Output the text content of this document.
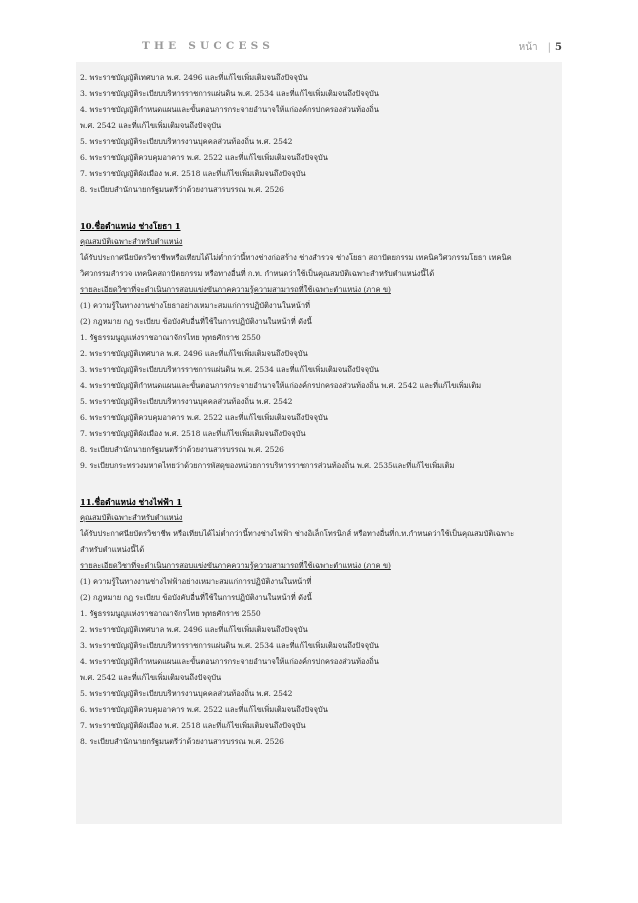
THE SUCCESS	หน้า | 5
2. พระราชบัญญัติเทศบาล พ.ศ. 2496 และที่แก้ไขเพิ่มเติมจนถึงปัจจุบัน
3. พระราชบัญญัติระเบียบบริหารราชการแผ่นดิน พ.ศ. 2534 และที่แก้ไขเพิ่มเติมจนถึงปัจจุบัน
4. พระราชบัญญัติกำหนดแผนและขั้นตอนการกระจายอำนาจให้แก่องค์กรปกครองส่วนท้องถิ่น
พ.ศ. 2542 และที่แก้ไขเพิ่มเติมจนถึงปัจจุบัน
5. พระราชบัญญัติระเบียบบริหารงานบุคคลส่วนท้องถิ่น พ.ศ. 2542
6. พระราชบัญญัติควบคุมอาคาร พ.ศ. 2522 และที่แก้ไขเพิ่มเติมจนถึงปัจจุบัน
7. พระราชบัญญัติผังเมือง พ.ศ. 2518 และที่แก้ไขเพิ่มเติมจนถึงปัจจุบัน
8. ระเบียบสำนักนายกรัฐมนตรีว่าด้วยงานสารบรรณ พ.ศ. 2526
10.ชื่อตำแหน่ง ช่างโยธา 1
คุณสมบัติเฉพาะสำหรับตำแหน่ง
ได้รับประกาศนียบัตรวิชาชีพหรือเทียบได้ไม่ต่ำกว่านี้ทางช่างก่อสร้าง ช่างสำรวจ ช่างโยธา สถาปัตยกรรม เทคนิควิศวกรรมโยธา เทคนิค
วิศวกรรมสำรวจ เทคนิคสถาปัตยกรรม หรือทางอื่นที่ ก.ท. กำหนดว่าใช้เป็นคุณสมบัติเฉพาะสำหรับตำแหน่งนี้ได้
รายละเอียดวิชาที่จะดำเนินการสอบแข่งขันภาคความรู้ความสามารถที่ใช้เฉพาะตำแหน่ง (ภาค ข)
(1) ความรู้ในทางงานช่างโยธาอย่างเหมาะสมแก่การปฏิบัติงานในหน้าที่
(2) กฎหมาย กฎ ระเบียบ ข้อบังคับอื่นที่ใช้ในการปฏิบัติงานในหน้าที่ ดังนี้
1. รัฐธรรมนูญแห่งราชอาณาจักรไทย พุทธศักราช 2550
2. พระราชบัญญัติเทศบาล พ.ศ. 2496 และที่แก้ไขเพิ่มเติมจนถึงปัจจุบัน
3. พระราชบัญญัติระเบียบบริหารราชการแผ่นดิน พ.ศ. 2534 และที่แก้ไขเพิ่มเติมจนถึงปัจจุบัน
4. พระราชบัญญัติกำหนดแผนและขั้นตอนการกระจายอำนาจให้แก่องค์กรปกครองส่วนท้องถิ่น พ.ศ. 2542 และที่แก้ไขเพิ่มเติม
5. พระราชบัญญัติระเบียบบริหารงานบุคคลส่วนท้องถิ่น พ.ศ. 2542
6. พระราชบัญญัติควบคุมอาคาร พ.ศ. 2522 และที่แก้ไขเพิ่มเติมจนถึงปัจจุบัน
7. พระราชบัญญัติผังเมือง พ.ศ. 2518 และที่แก้ไขเพิ่มเติมจนถึงปัจจุบัน
8. ระเบียบสำนักนายกรัฐมนตรีว่าด้วยงานสารบรรณ พ.ศ. 2526
9. ระเบียบกระทรวงมหาดไทยว่าด้วยการพัสดุของหน่วยการบริหารราชการส่วนท้องถิ่น พ.ศ. 2535และที่แก้ไขเพิ่มเติม
11.ชื่อตำแหน่ง ช่างไฟฟ้า 1
คุณสมบัติเฉพาะสำหรับตำแหน่ง
ได้รับประกาศนียบัตรวิชาชีพ หรือเทียบได้ไม่ต่ำกว่านี้ทางช่างไฟฟ้า ช่างอิเล็กโทรนิกส์ หรือทางอื่นที่ก.ท.กำหนดว่าใช้เป็นคุณสมบัติเฉพาะ
สำหรับตำแหน่งนี้ได้
รายละเอียดวิชาที่จะดำเนินการสอบแข่งขันภาคความรู้ความสามารถที่ใช้เฉพาะตำแหน่ง (ภาค ข)
(1) ความรู้ในทางงานช่างไฟฟ้าอย่างเหมาะสมแก่การปฏิบัติงานในหน้าที่
(2) กฎหมาย กฎ ระเบียบ ข้อบังคับอื่นที่ใช้ในการปฏิบัติงานในหน้าที่ ดังนี้
1. รัฐธรรมนูญแห่งราชอาณาจักรไทย พุทธศักราช 2550
2. พระราชบัญญัติเทศบาล พ.ศ. 2496 และที่แก้ไขเพิ่มเติมจนถึงปัจจุบัน
3. พระราชบัญญัติระเบียบบริหารราชการแผ่นดิน พ.ศ. 2534 และที่แก้ไขเพิ่มเติมจนถึงปัจจุบัน
4. พระราชบัญญัติกำหนดแผนและขั้นตอนการกระจายอำนาจให้แก่องค์กรปกครองส่วนท้องถิ่น
พ.ศ. 2542 และที่แก้ไขเพิ่มเติมจนถึงปัจจุบัน
5. พระราชบัญญัติระเบียบบริหารงานบุคคลส่วนท้องถิ่น พ.ศ. 2542
6. พระราชบัญญัติควบคุมอาคาร พ.ศ. 2522 และที่แก้ไขเพิ่มเติมจนถึงปัจจุบัน
7. พระราชบัญญัติผังเมือง พ.ศ. 2518 และที่แก้ไขเพิ่มเติมจนถึงปัจจุบัน
8. ระเบียบสำนักนายกรัฐมนตรีว่าด้วยงานสารบรรณ พ.ศ. 2526
